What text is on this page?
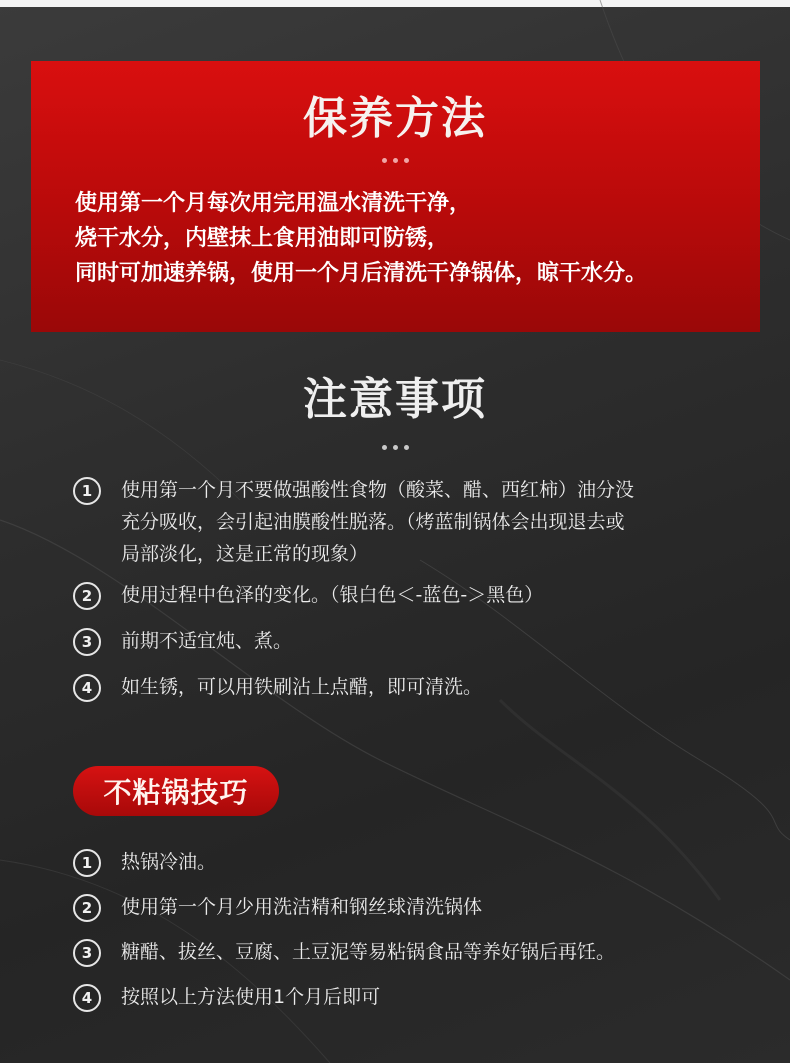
保养方法
使用第一个月每次用完用温水清洗干净，
烧干水分，内壁抹上食用油即可防锈，
同时可加速养锅，使用一个月后清洗干净锅体，晾干水分。
注意事项
1	使用第一个月不要做强酸性食物（酸菜、醋、西红柿）油分没
充分吸收，会引起油膜酸性脱落。（烤蓝制锅体会出现退去或
局部淡化，这是正常的现象）
2	使用过程中色泽的变化。（银白色＜-蓝色-＞黑色）
3	前期不适宜炖、煮。
4	如生锈，可以用铁刷沾上点醋，即可清洗。
不粘锅技巧
1	热锅冷油。
2	使用第一个月少用洗洁精和钢丝球清洗锅体
3	糖醋、拔丝、豆腐、土豆泥等易粘锅食品等养好锅后再饪。
4	按照以上方法使用1个月后即可
